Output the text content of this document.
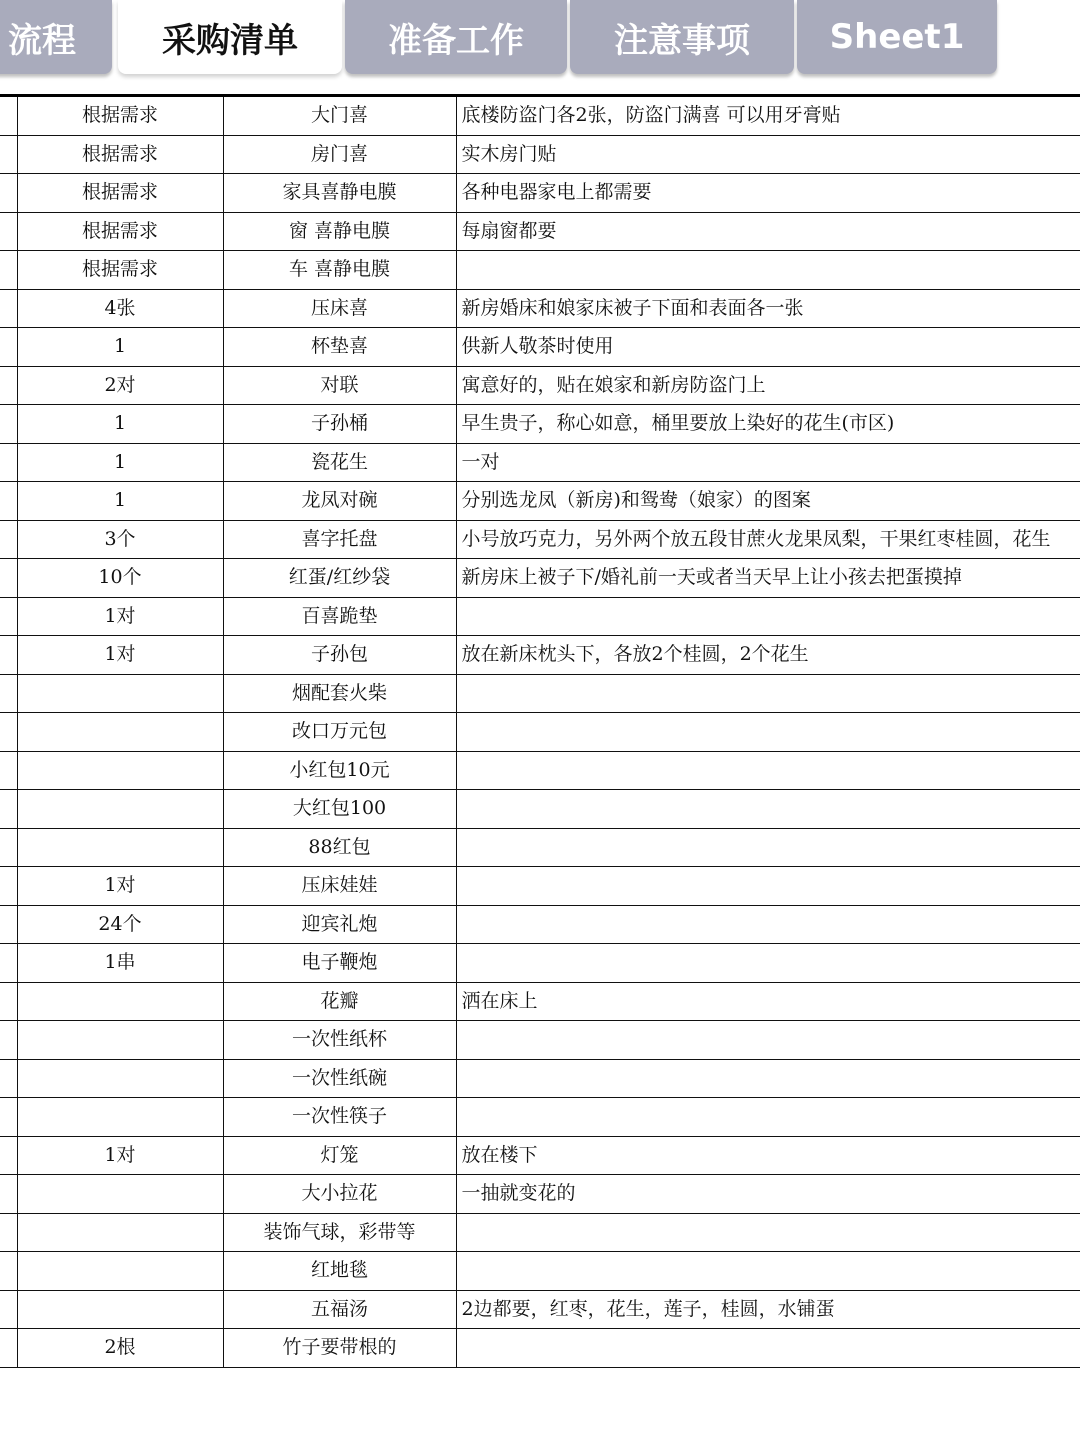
流程	采购清单	准备工作	注意事项	Sheet1
	根据需求	大门喜	底楼防盗门各2张，防盗门满喜 可以用牙膏贴
	根据需求	房门喜	实木房门贴
	根据需求	家具喜静电膜	各种电器家电上都需要
	根据需求	窗 喜静电膜	每扇窗都要
	根据需求	车 喜静电膜	
	4张	压床喜	新房婚床和娘家床被子下面和表面各一张
	1	杯垫喜	供新人敬茶时使用
	2对	对联	寓意好的，贴在娘家和新房防盗门上
	1	子孙桶	早生贵子，称心如意，桶里要放上染好的花生(市区)
	1	瓷花生	一对
	1	龙凤对碗	分别选龙凤（新房)和鸳鸯（娘家）的图案
	3个	喜字托盘	小号放巧克力，另外两个放五段甘蔗火龙果凤梨，干果红枣桂圆，花生
	10个	红蛋/红纱袋	新房床上被子下/婚礼前一天或者当天早上让小孩去把蛋摸掉
	1对	百喜跪垫	
	1对	子孙包	放在新床枕头下，各放2个桂圆，2个花生
		烟配套火柴	
		改口万元包	
		小红包10元	
		大红包100	
		88红包	
	1对	压床娃娃	
	24个	迎宾礼炮	
	1串	电子鞭炮	
		花瓣	洒在床上
		一次性纸杯	
		一次性纸碗	
		一次性筷子	
	1对	灯笼	放在楼下
		大小拉花	一抽就变花的
		装饰气球，彩带等	
		红地毯	
		五福汤	2边都要，红枣，花生，莲子，桂圆，水铺蛋
	2根	竹子要带根的	
